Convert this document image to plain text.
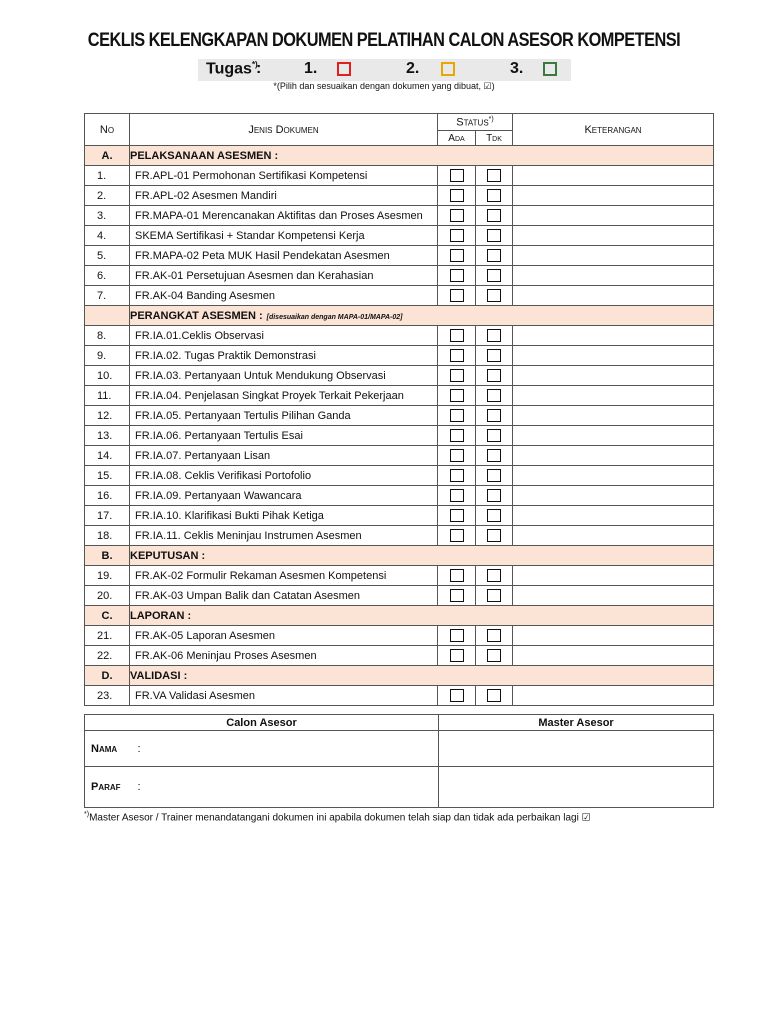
CEKLIS KELENGKAPAN DOKUMEN PELATIHAN CALON ASESOR KOMPETENSI
Tugas*)
:	1.	2.	3.
*(Pilih dan sesuaikan dengan dokumen yang dibuat, ☑)
No	Jenis Dokumen	Status*)		Keterangan
		Ada	Tdk	
A.	PELAKSANAAN ASESMEN :			
1.	FR.APL-01 Permohonan Sertifikasi Kompetensi	

2.	FR.APL-02 Asesmen Mandiri	

3.	FR.MAPA-01 Merencanakan Aktifitas dan Proses Asesmen	

4.	SKEMA Sertifikasi + Standar Kompetensi Kerja	

5.	FR.MAPA-02 Peta MUK Hasil Pendekatan Asesmen	

6.	FR.AK-01 Persetujuan Asesmen dan Kerahasian	

7.	FR.AK-04 Banding Asesmen	

	PERANGKAT ASESMEN : [disesuaikan dengan MAPA-01/MAPA-02]			
8.	FR.IA.01.Ceklis Observasi	

9.	FR.IA.02. Tugas Praktik Demonstrasi	

10.	FR.IA.03. Pertanyaan Untuk Mendukung Observasi	

11.	FR.IA.04. Penjelasan Singkat Proyek Terkait Pekerjaan	

12.	FR.IA.05. Pertanyaan Tertulis Pilihan Ganda	

13.	FR.IA.06. Pertanyaan Tertulis Esai	

14.	FR.IA.07. Pertanyaan Lisan	

15.	FR.IA.08. Ceklis Verifikasi Portofolio	

16.	FR.IA.09. Pertanyaan Wawancara	

17.	FR.IA.10. Klarifikasi Bukti Pihak Ketiga	

18.	FR.IA.11. Ceklis Meninjau Instrumen Asesmen	

B.	KEPUTUSAN :			
19.	FR.AK-02 Formulir Rekaman Asesmen Kompetensi	

20.	FR.AK-03 Umpan Balik dan Catatan Asesmen	

C.	LAPORAN :			
21.	FR.AK-05 Laporan Asesmen	

22.	FR.AK-06 Meninjau Proses Asesmen	

D.	VALIDASI :			
23.	FR.VA Validasi Asesmen	

Calon Asesor		Master Asesor
Nama :		

Paraf :		

*)Master Asesor / Trainer menandatangani dokumen ini apabila dokumen telah siap dan tidak ada perbaikan lagi ☑
